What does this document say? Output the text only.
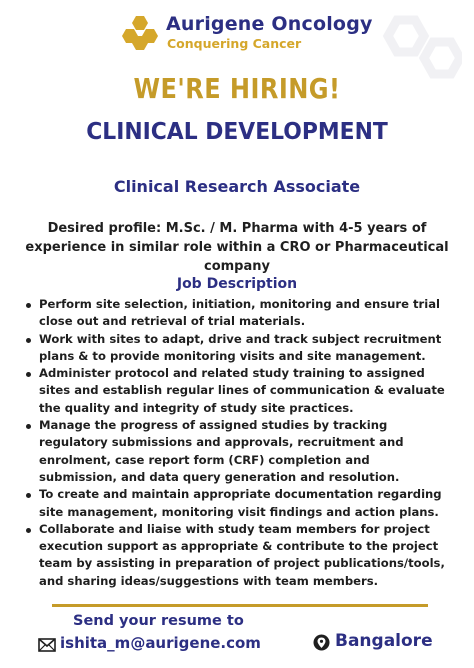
Aurigene Oncology
Conquering Cancer
WE'RE HIRING!
CLINICAL DEVELOPMENT
Clinical Research Associate
Desired profile: M.Sc. / M. Pharma with 4-5 years of experience in similar role within a CRO or Pharmaceutical company
Job Description
Perform site selection, initiation, monitoring and ensure trial close out and retrieval of trial materials.
Work with sites to adapt, drive and track subject recruitment plans & to provide monitoring visits and site management.
Administer protocol and related study training to assigned sites and establish regular lines of communication & evaluate the quality and integrity of study site practices.
Manage the progress of assigned studies by tracking regulatory submissions and approvals, recruitment and enrolment, case report form (CRF) completion and submission, and data query generation and resolution.
To create and maintain appropriate documentation regarding site management, monitoring visit findings and action plans.
Collaborate and liaise with study team members for project execution support as appropriate & contribute to the project team by assisting in preparation of project publications/tools, and sharing ideas/suggestions with team members.
Send your resume to
ishita_m@aurigene.com	Bangalore
